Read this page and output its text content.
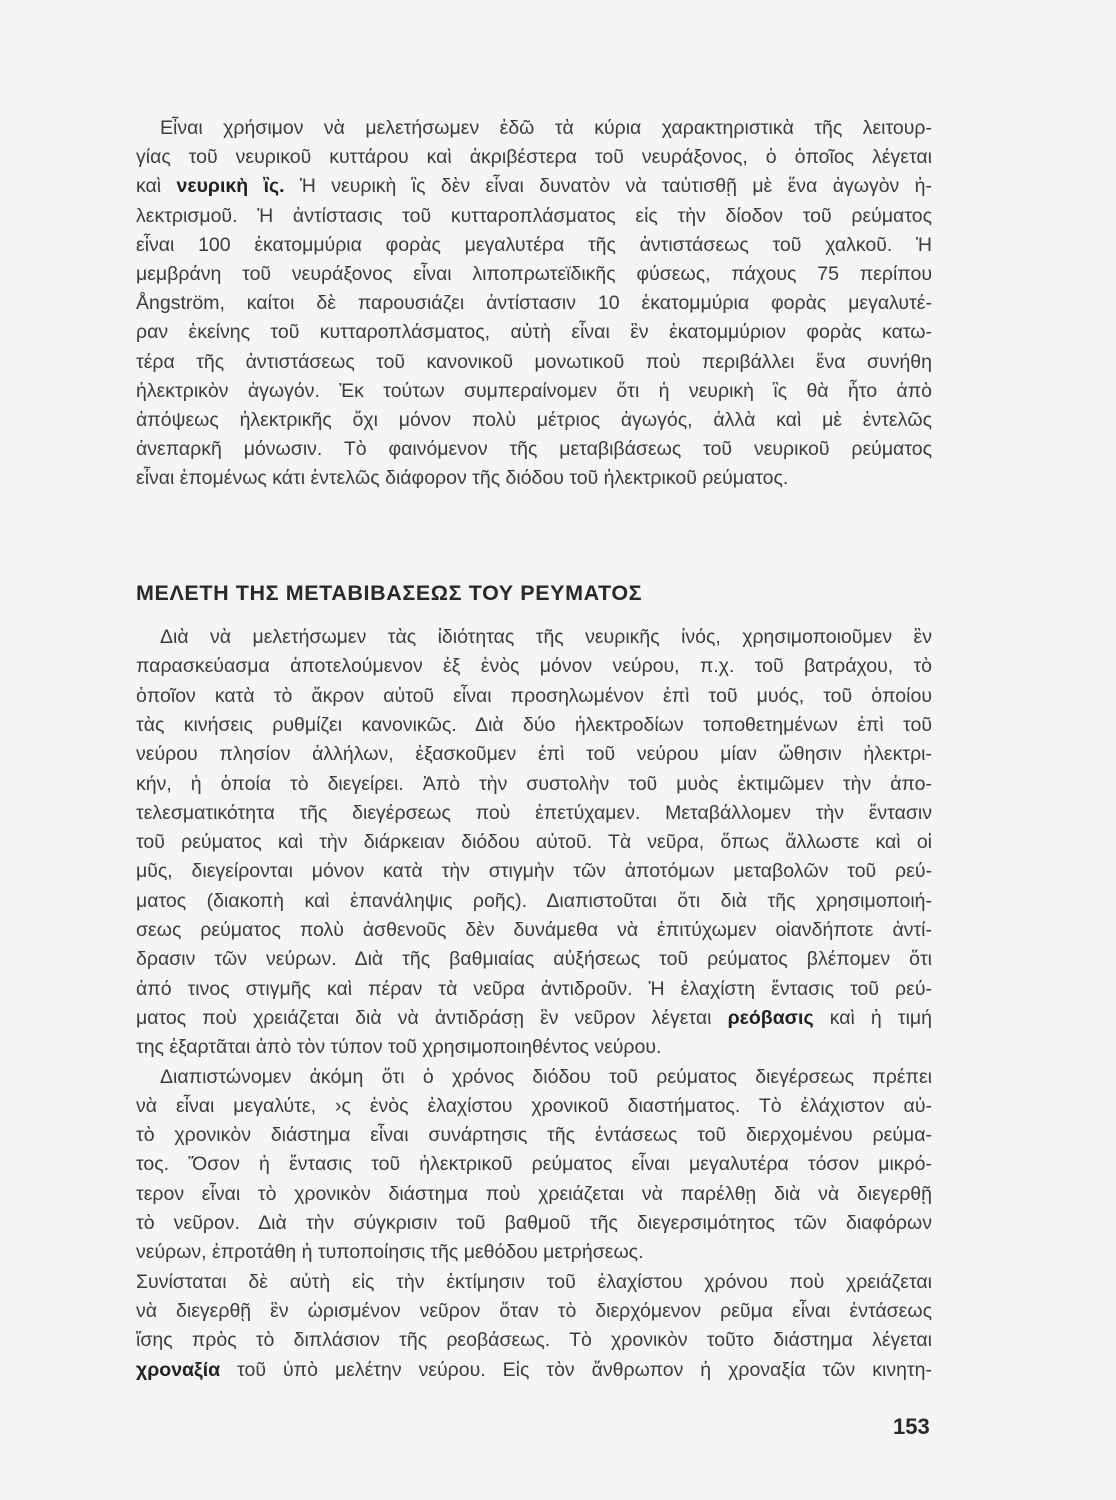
Εἶναι χρήσιμον νὰ μελετήσωμεν ἐδῶ τὰ κύρια χαρακτηριστικὰ τῆς λειτουρ-
γίας τοῦ νευρικοῦ κυττάρου καὶ ἀκριβέστερα τοῦ νευράξονος, ὁ ὁποῖος λέγεται
καὶ νευρικὴ ἲς. Ἡ νευρικὴ ἲς δὲν εἶναι δυνατὸν νὰ ταὐτισθῇ μὲ ἕνα ἀγωγὸν ἠ-
λεκτρισμοῦ. Ἡ ἀντίστασις τοῦ κυτταροπλάσματος εἰς τὴν δίοδον τοῦ ρεύματος
εἶναι 100 ἑκατομμύρια φορὰς μεγαλυτέρα τῆς ἀντιστάσεως τοῦ χαλκοῦ. Ἡ
μεμβράνη τοῦ νευράξονος εἶναι λιποπρωτεϊδικῆς φύσεως, πάχους 75 περίπου
Ångström, καίτοι δὲ παρουσιάζει ἀντίστασιν 10 ἑκατομμύρια φορὰς μεγαλυτέ-
ραν ἐκείνης τοῦ κυτταροπλάσματος, αὐτὴ εἶναι ἓν ἑκατομμύριον φορὰς κατω-
τέρα τῆς ἀντιστάσεως τοῦ κανονικοῦ μονωτικοῦ ποὺ περιβάλλει ἕνα συνήθη
ἠλεκτρικὸν ἀγωγόν. Ἐκ τούτων συμπεραίνομεν ὅτι ἡ νευρικὴ ἲς θὰ ἦτο ἀπὸ
ἀπόψεως ἠλεκτρικῆς ὄχι μόνον πολὺ μέτριος ἀγωγός, ἀλλὰ καὶ μὲ ἐντελῶς
ἀνεπαρκῆ μόνωσιν. Τὸ φαινόμενον τῆς μεταβιβάσεως τοῦ νευρικοῦ ρεύματος
εἶναι ἑπομένως κάτι ἐντελῶς διάφορον τῆς διόδου τοῦ ἠλεκτρικοῦ ρεύματος.
ΜΕΛΕΤΗ ΤΗΣ ΜΕΤΑΒΙΒΑΣΕΩΣ ΤΟΥ ΡΕΥΜΑΤΟΣ
Διὰ νὰ μελετήσωμεν τὰς ἰδιότητας τῆς νευρικῆς ἰνός, χρησιμοποιοῦμεν ἓν
παρασκεύασμα ἀποτελούμενον ἐξ ἑνὸς μόνον νεύρου, π.χ. τοῦ βατράχου, τὸ
ὁποῖον κατὰ τὸ ἄκρον αὐτοῦ εἶναι προσηλωμένον ἐπὶ τοῦ μυός, τοῦ ὁποίου
τὰς κινήσεις ρυθμίζει κανονικῶς. Διὰ δύο ἠλεκτροδίων τοποθετημένων ἐπὶ τοῦ
νεύρου πλησίον ἀλλήλων, ἐξασκοῦμεν ἐπὶ τοῦ νεύρου μίαν ὤθησιν ἠλεκτρι-
κήν, ἡ ὁποία τὸ διεγείρει. Ἀπὸ τὴν συστολὴν τοῦ μυὸς ἐκτιμῶμεν τὴν ἀπο-
τελεσματικότητα τῆς διεγέρσεως ποὺ ἐπετύχαμεν. Μεταβάλλομεν τὴν ἔντασιν
τοῦ ρεύματος καὶ τὴν διάρκειαν διόδου αὐτοῦ. Τὰ νεῦρα, ὅπως ἄλλωστε καὶ οἱ
μῦς, διεγείρονται μόνον κατὰ τὴν στιγμὴν τῶν ἀποτόμων μεταβολῶν τοῦ ρεύ-
ματος (διακοπὴ καὶ ἐπανάληψις ροῆς). Διαπιστοῦται ὅτι διὰ τῆς χρησιμοποιή-
σεως ρεύματος πολὺ ἀσθενοῦς δὲν δυνάμεθα νὰ ἐπιτύχωμεν οἱανδήποτε ἀντί-
δρασιν τῶν νεύρων. Διὰ τῆς βαθμιαίας αὐξήσεως τοῦ ρεύματος βλέπομεν ὅτι
ἀπό τινος στιγμῆς καὶ πέραν τὰ νεῦρα ἀντιδροῦν. Ἡ ἐλαχίστη ἔντασις τοῦ ρεύ-
ματος ποὺ χρειάζεται διὰ νὰ ἀντιδράσῃ ἓν νεῦρον λέγεται ρεόβασις καὶ ἡ τιμή
της ἐξαρτᾶται ἀπὸ τὸν τύπον τοῦ χρησιμοποιηθέντος νεύρου.
Διαπιστώνομεν ἀκόμη ὅτι ὁ χρόνος διόδου τοῦ ρεύματος διεγέρσεως πρέπει
νὰ εἶναι μεγαλύτε, ›ς ἑνὸς ἐλαχίστου χρονικοῦ διαστήματος. Τὸ ἐλάχιστον αὐ-
τὸ χρονικὸν διάστημα εἶναι συνάρτησις τῆς ἐντάσεως τοῦ διερχομένου ρεύμα-
τος. Ὅσον ἡ ἔντασις τοῦ ἠλεκτρικοῦ ρεύματος εἶναι μεγαλυτέρα τόσον μικρό-
τερον εἶναι τὸ χρονικὸν διάστημα ποὺ χρειάζεται νὰ παρέλθῃ διὰ νὰ διεγερθῇ
τὸ νεῦρον. Διὰ τὴν σύγκρισιν τοῦ βαθμοῦ τῆς διεγερσιμότητος τῶν διαφόρων
νεύρων, ἐπροτάθη ἡ τυποποίησις τῆς μεθόδου μετρήσεως.
Συνίσταται δὲ αὐτὴ εἰς τὴν ἐκτίμησιν τοῦ ἐλαχίστου χρόνου ποὺ χρειάζεται
νὰ διεγερθῇ ἓν ὡρισμένον νεῦρον ὅταν τὸ διερχόμενον ρεῦμα εἶναι ἐντάσεως
ἴσης πρὸς τὸ διπλάσιον τῆς ρεοβάσεως. Τὸ χρονικὸν τοῦτο διάστημα λέγεται
χροναξία τοῦ ὑπὸ μελέτην νεύρου. Εἰς τὸν ἄνθρωπον ἡ χροναξία τῶν κινητη-
153
